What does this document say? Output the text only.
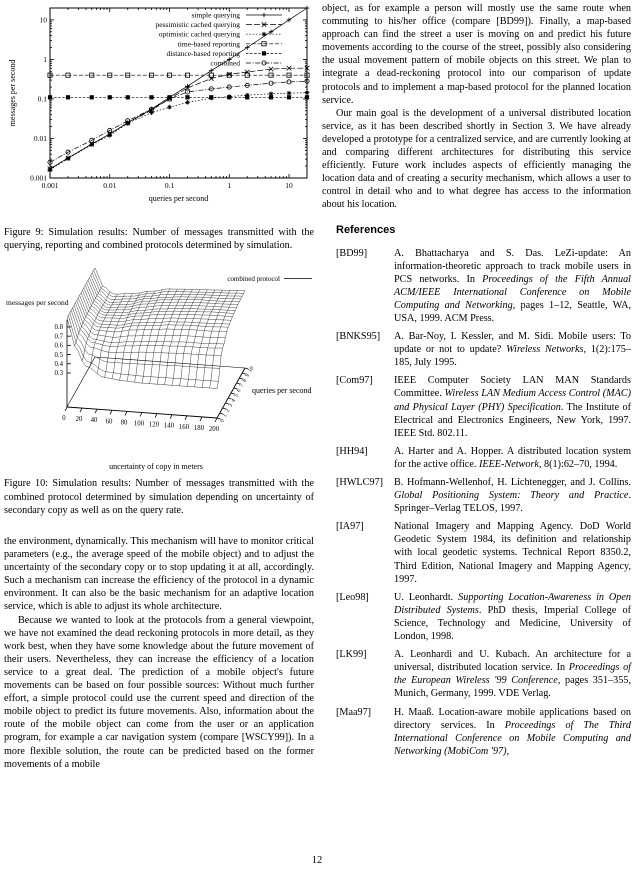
0.001
0.001
0.01
0.01
0.1
0.1
1
1
10
10
simple querying
pessimistic cached querying
optimistic cached querying
time-based reporting
distance-based reporting
combined
queries per second
messages per second

Figure 9: Simulation results: Number of messages transmitted with the querying, reporting and combined protocols determined by simulation.

0 20 40 60 80 100 120 140 160 180 200
0
1
2
3
4
5
6
7
8
9
10
0.3
0.4
0.5
0.6
0.7
0.8
messages per second
uncertainty of copy in meters
queries per second
combined protocol

Figure 10: Simulation results: Number of messages transmitted with the combined protocol determined by simulation depending on uncertainty of secondary copy as well as on the query rate.

the environment, dynamically. This mechanism will have to monitor critical parameters (e.g., the average speed of the mobile object) and to adjust the uncertainty of the secondary copy or to stop updating it at all, accordingly. Such a mechanism can increase the efficiency of the protocol in a dynamic environment. It can also be the basic mechanism for an adaptive location service, which is able to adjust its whole architecture.

Because we wanted to look at the protocols from a general viewpoint, we have not examined the dead reckoning protocols in more detail, as they work best, when they have some knowledge about the future movement of their users. Nevertheless, they can increase the efficiency of a location service to a great deal. The prediction of a mobile object's future movements can be based on four possible sources: Without much further effort, a simple protocol could use the current speed and direction of the mobile object to predict its future movements. Also, information about the route of the mobile object can come from the user or an application program, for example a car navigation system (compare [WSCY99]). In a more flexible solution, the route can be predicted based on the former movements of a mobile

object, as for example a person will mostly use the same route when commuting to his/her office (compare [BD99]). Finally, a map-based approach can find the street a user is moving on and predict his future movements according to the course of the street, possibly also considering the usual movement pattern of mobile objects on this street. We plan to integrate a dead-reckoning protocol into our comparison of update protocols and to implement a map-based protocol for the planned location service.

Our main goal is the development of a universal distributed location service, as it has been described shortly in Section 3. We have already developed a prototype for a centralized service, and are currently looking at and comparing different architectures for distributing this service efficiently. Future work includes aspects of efficiently managing the location data and of creating a security mechanism, which allows a user to control in detail who and to what degree has access to the information about his location.

References
[BD99]	A. Bhattacharya and S. Das. LeZi-update: An information-theoretic approach to track mobile users in PCS networks. In Proceedings of the Fifth Annual ACM/IEEE International Conference on Mobile Computing and Networking, pages 1–12, Seattle, WA, USA, 1999. ACM Press.
[BNKS95]	A. Bar-Noy, I. Kessler, and M. Sidi. Mobile users: To update or not to update? Wireless Networks, 1(2):175–185, July 1995.
[Com97]	IEEE Computer Society LAN MAN Standards Committee. Wireless LAN Medium Access Control (MAC) and Physical Layer (PHY) Specification. The Institute of Electrical and Electronics Engineers, New York, 1997. IEEE Std. 802.11.
[HH94]	A. Harter and A. Hopper. A distributed location system for the active office. IEEE-Network, 8(1):62–70, 1994.
[HWLC97]	B. Hofmann-Wellenhof, H. Lichtenegger, and J. Collins. Global Positioning System: Theory and Practice. Springer–Verlag TELOS, 1997.
[IA97]	National Imagery and Mapping Agency. DoD World Geodetic System 1984, its definition and relationship with local geodetic systems. Technical Report 8350.2, Third Edition, National Imagery and Mapping Agency, 1997.
[Leo98]	U. Leonhardt. Supporting Location-Awareness in Open Distributed Systems. PhD thesis, Imperial College of Science, Technology and Medicine, University of London, 1998.
[LK99]	A. Leonhardi and U. Kubach. An architecture for a universal, distributed location service. In Proceedings of the European Wireless '99 Conference, pages 351–355, Munich, Germany, 1999. VDE Verlag.
[Maa97]	H. Maaß. Location-aware mobile applications based on directory services. In Proceedings of The Third International Conference on Mobile Computing and Networking (MobiCom '97),
12
